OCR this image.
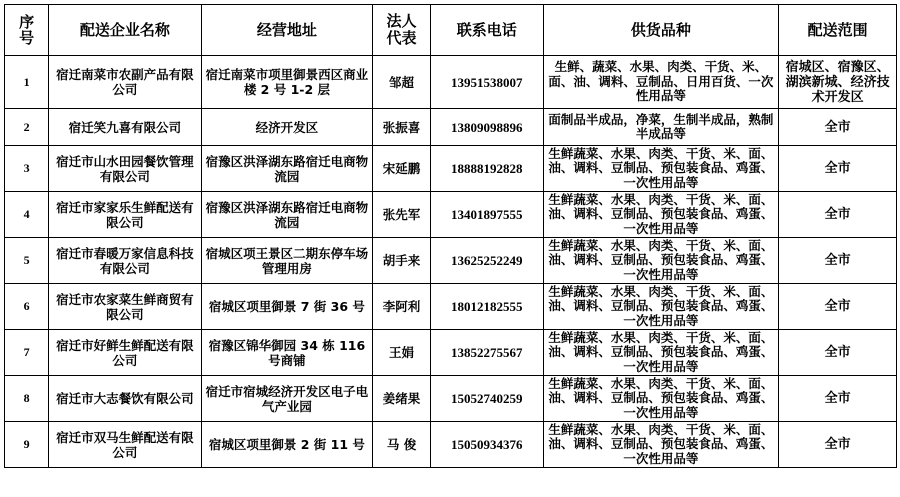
序号	配送企业名称	经营地址	法人代表	联系电话	供货品种	配送范围
1	宿迁南菜市农副产品有限公司	宿迁南菜市项里御景西区商业楼 2 号 1-2 层	邹超	13951538007	生鲜、蔬菜、水果、肉类、干货、米、面、油、调料、豆制品、日用百货、一次性用品等	宿城区、宿豫区、湖滨新城、经济技术开发区
2	宿迁笑九喜有限公司	经济开发区	张振喜	13809098896	面制品半成品，净菜，生制半成品，熟制半成品等	全市
3	宿迁市山水田园餐饮管理有限公司	宿豫区洪泽湖东路宿迁电商物流园	宋延鹏	18888192828	生鲜蔬菜、水果、肉类、干货、米、面、油、调料、豆制品、预包装食品、鸡蛋、一次性用品等	全市
4	宿迁市家家乐生鲜配送有限公司	宿豫区洪泽湖东路宿迁电商物流园	张先军	13401897555	生鲜蔬菜、水果、肉类、干货、米、面、油、调料、豆制品、预包装食品、鸡蛋、一次性用品等	全市
5	宿迁市春暖万家信息科技有限公司	宿城区项王景区二期东停车场管理用房	胡手来	13625252249	生鲜蔬菜、水果、肉类、干货、米、面、油、调料、豆制品、预包装食品、鸡蛋、一次性用品等	全市
6	宿迁市农家菜生鲜商贸有限公司	宿城区项里御景 7 街 36 号	李阿利	18012182555	生鲜蔬菜、水果、肉类、干货、米、面、油、调料、豆制品、预包装食品、鸡蛋、一次性用品等	全市
7	宿迁市好鲜生鲜配送有限公司	宿豫区锦华御园 34 栋 116 号商铺	王娟	13852275567	生鲜蔬菜、水果、肉类、干货、米、面、油、调料、豆制品、预包装食品、鸡蛋、一次性用品等	全市
8	宿迁市大志餐饮有限公司	宿迁市宿城经济开发区电子电气产业园	姜绪果	15052740259	生鲜蔬菜、水果、肉类、干货、米、面、油、调料、豆制品、预包装食品、鸡蛋、一次性用品等	全市
9	宿迁市双马生鲜配送有限公司	宿城区项里御景 2 街 11 号	马 俊	15050934376	生鲜蔬菜、水果、肉类、干货、米、面、油、调料、豆制品、预包装食品、鸡蛋、一次性用品等	全市
